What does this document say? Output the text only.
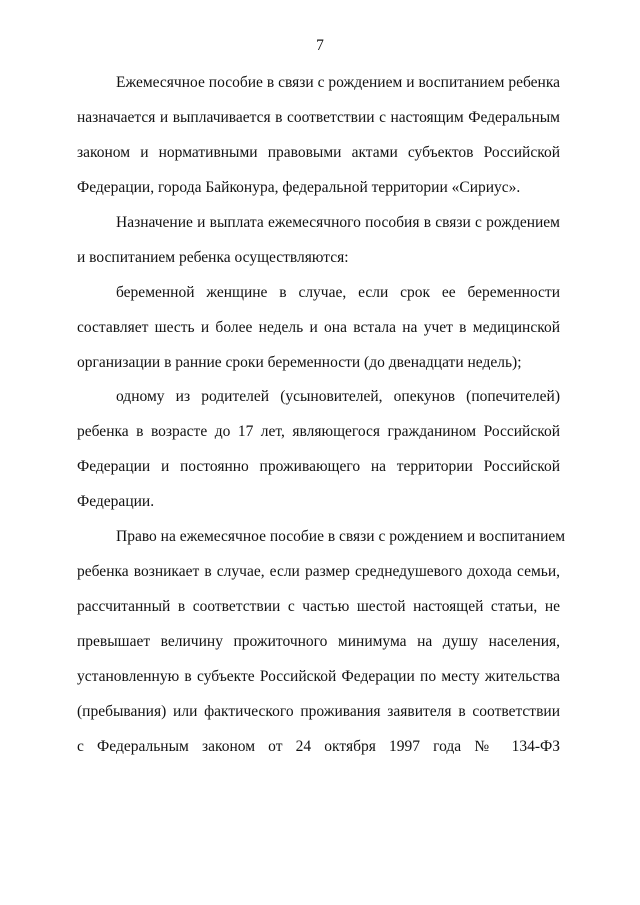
7
Ежемесячное пособие в связи с рождением и воспитанием ребенка
назначается и выплачивается в соответствии с настоящим Федеральным
законом и нормативными правовыми актами субъектов Российской
Федерации, города Байконура, федеральной территории «Сириус».
Назначение и выплата ежемесячного пособия в связи с рождением
и воспитанием ребенка осуществляются:
беременной женщине в случае, если срок ее беременности
составляет шесть и более недель и она встала на учет в медицинской
организации в ранние сроки беременности (до двенадцати недель);
одному из родителей (усыновителей, опекунов (попечителей)
ребенка в возрасте до 17 лет, являющегося гражданином Российской
Федерации и постоянно проживающего на территории Российской
Федерации.
Право на ежемесячное пособие в связи с рождением и воспитанием
ребенка возникает в случае, если размер среднедушевого дохода семьи,
рассчитанный в соответствии с частью шестой настоящей статьи, не
превышает величину прожиточного минимума на душу населения,
установленную в субъекте Российской Федерации по месту жительства
(пребывания) или фактического проживания заявителя в соответствии
с Федеральным законом от 24 октября 1997 года № 134-ФЗ
